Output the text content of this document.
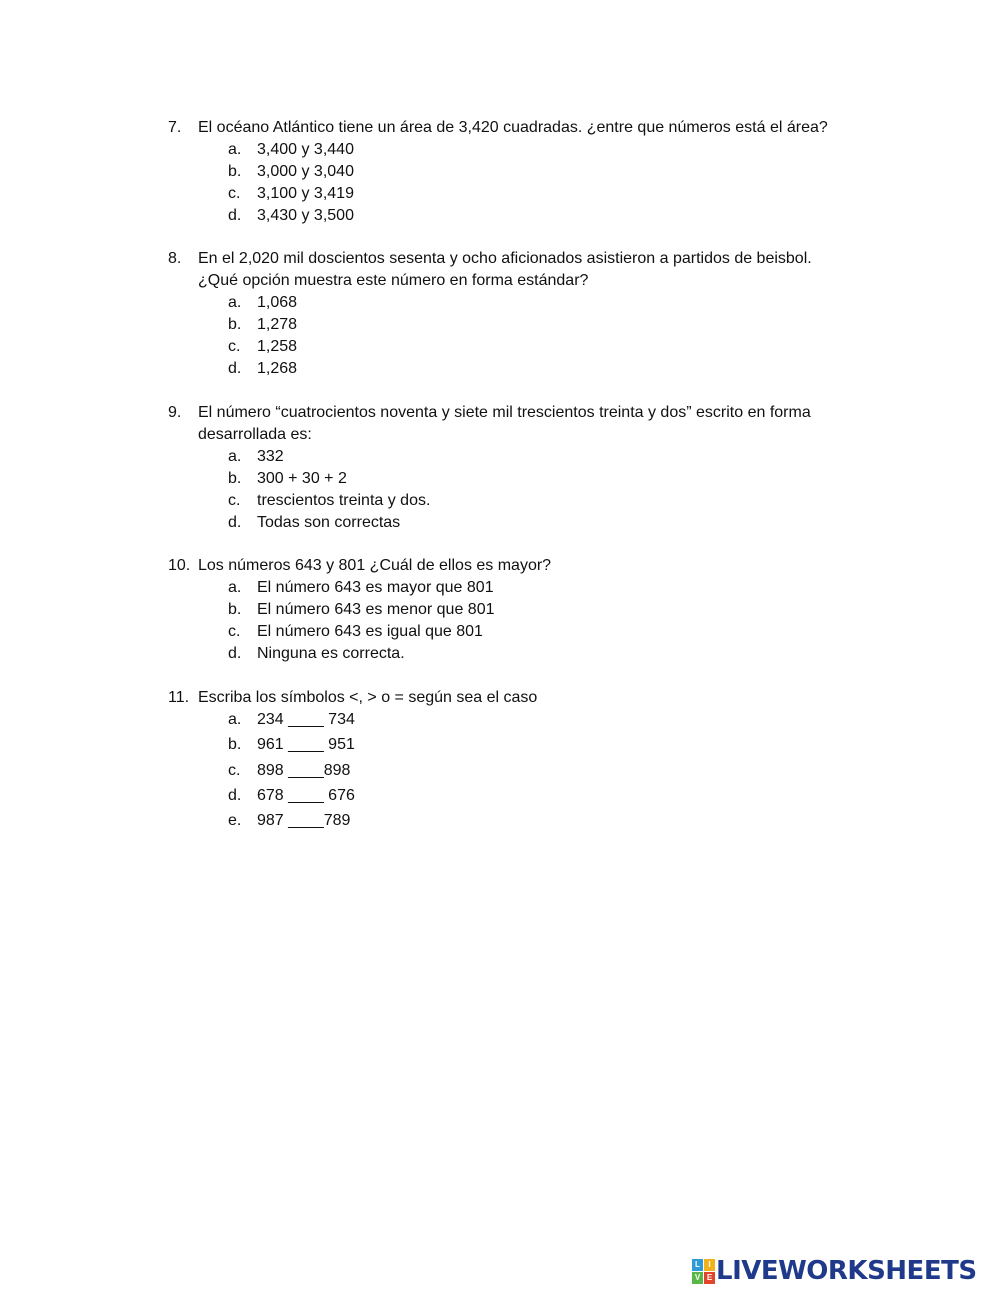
7. El océano Atlántico tiene un área de 3,420 cuadradas. ¿entre que números está el área?
a. 3,400 y 3,440
b. 3,000 y 3,040
c. 3,100 y 3,419
d. 3,430 y 3,500
8. En el 2,020 mil doscientos sesenta y ocho aficionados asistieron a partidos de beisbol.
¿Qué opción muestra este número en forma estándar?
a. 1,068
b. 1,278
c. 1,258
d. 1,268
9. El número “cuatrocientos noventa y siete mil trescientos treinta y dos” escrito en forma
desarrollada es:
a. 332
b. 300 + 30 + 2
c. trescientos treinta y dos.
d. Todas son correctas
10. Los números 643 y 801 ¿Cuál de ellos es mayor?
a. El número 643 es mayor que 801
b. El número 643 es menor que 801
c. El número 643 es igual que 801
d. Ninguna es correcta.
11. Escriba los símbolos <, > o = según sea el caso
a. 234 ____ 734
b. 961 ____ 951
c. 898 ____898
d. 678 ____ 676
e. 987 ____789
L	I
V E LIVEWORKSHEETS
